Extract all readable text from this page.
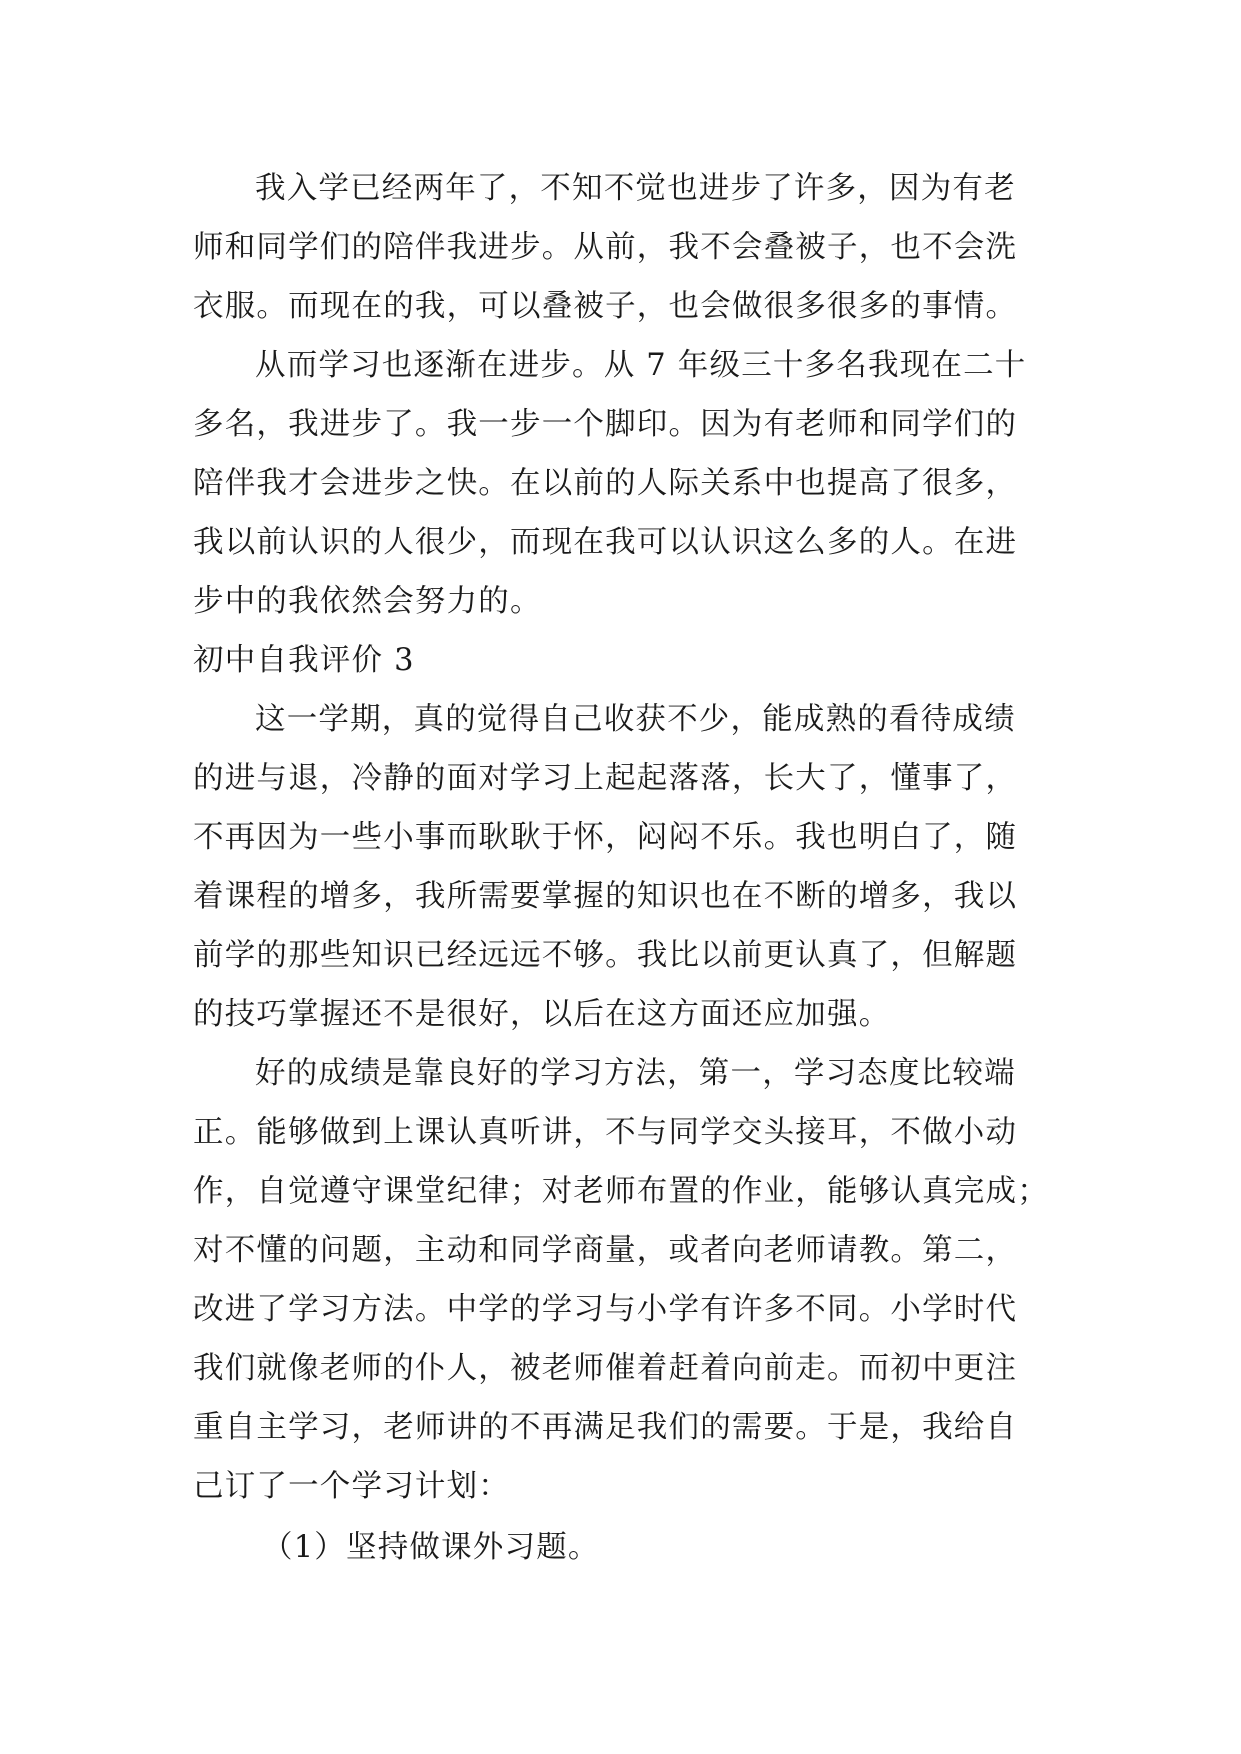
我入学已经两年了，不知不觉也进步了许多，因为有老
师和同学们的陪伴我进步。从前，我不会叠被子，也不会洗
衣服。而现在的我，可以叠被子，也会做很多很多的事情。
从而学习也逐渐在进步。从 7 年级三十多名我现在二十
多名，我进步了。我一步一个脚印。因为有老师和同学们的
陪伴我才会进步之快。在以前的人际关系中也提高了很多，
我以前认识的人很少，而现在我可以认识这么多的人。在进
步中的我依然会努力的。
初中自我评价 3
这一学期，真的觉得自己收获不少，能成熟的看待成绩
的进与退，冷静的面对学习上起起落落，长大了，懂事了，
不再因为一些小事而耿耿于怀，闷闷不乐。我也明白了，随
着课程的增多，我所需要掌握的知识也在不断的增多，我以
前学的那些知识已经远远不够。我比以前更认真了，但解题
的技巧掌握还不是很好，以后在这方面还应加强。
好的成绩是靠良好的学习方法，第一，学习态度比较端
正。能够做到上课认真听讲，不与同学交头接耳，不做小动
作，自觉遵守课堂纪律；对老师布置的作业，能够认真完成；
对不懂的问题，主动和同学商量，或者向老师请教。第二，
改进了学习方法。中学的学习与小学有许多不同。小学时代
我们就像老师的仆人，被老师催着赶着向前走。而初中更注
重自主学习，老师讲的不再满足我们的需要。于是，我给自
己订了一个学习计划：
（1）坚持做课外习题。
